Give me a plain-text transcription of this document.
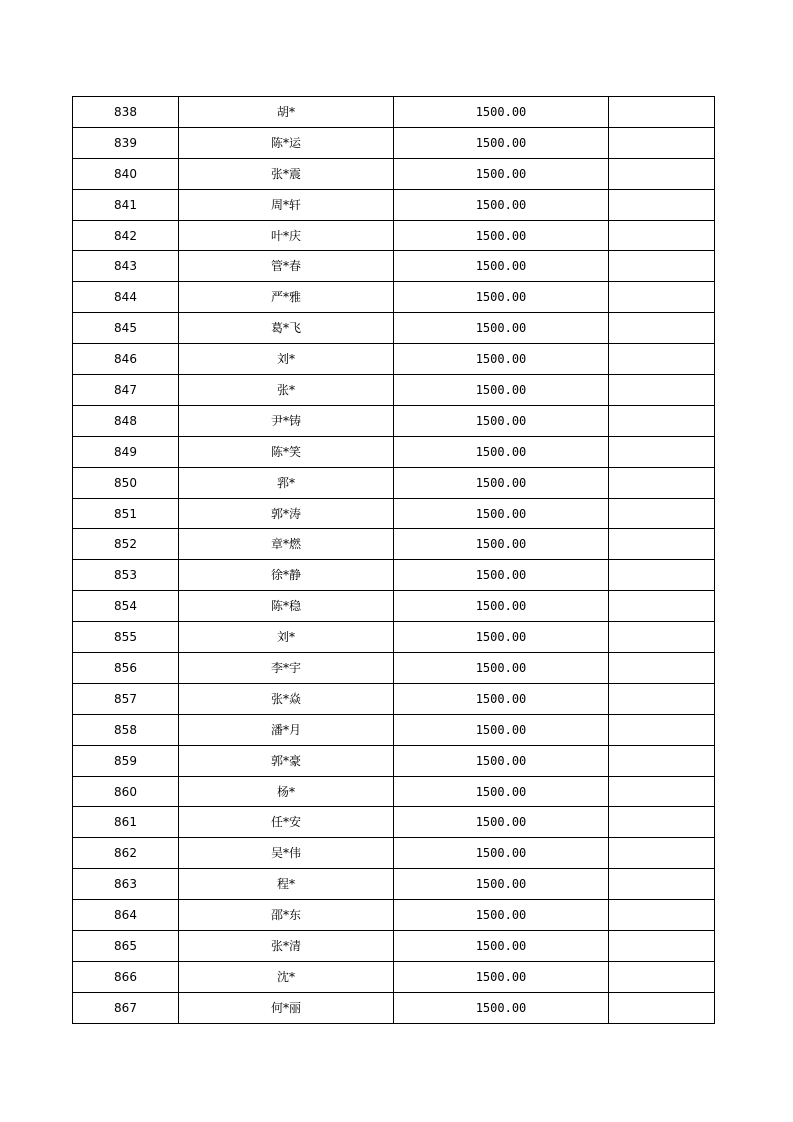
838	胡*	1500.00	
839	陈*运	1500.00	
840	张*震	1500.00	
841	周*轩	1500.00	
842	叶*庆	1500.00	
843	管*春	1500.00	
844	严*雅	1500.00	
845	葛*飞	1500.00	
846	刘*	1500.00	
847	张*	1500.00	
848	尹*铸	1500.00	
849	陈*笑	1500.00	
850	郛*	1500.00	
851	郭*涛	1500.00	
852	章*燃	1500.00	
853	徐*静	1500.00	
854	陈*稳	1500.00	
855	刘*	1500.00	
856	李*宇	1500.00	
857	张*焱	1500.00	
858	潘*月	1500.00	
859	郭*豪	1500.00	
860	杨*	1500.00	
861	任*安	1500.00	
862	吴*伟	1500.00	
863	程*	1500.00	
864	邵*东	1500.00	
865	张*清	1500.00	
866	沈*	1500.00	
867	何*丽	1500.00	
